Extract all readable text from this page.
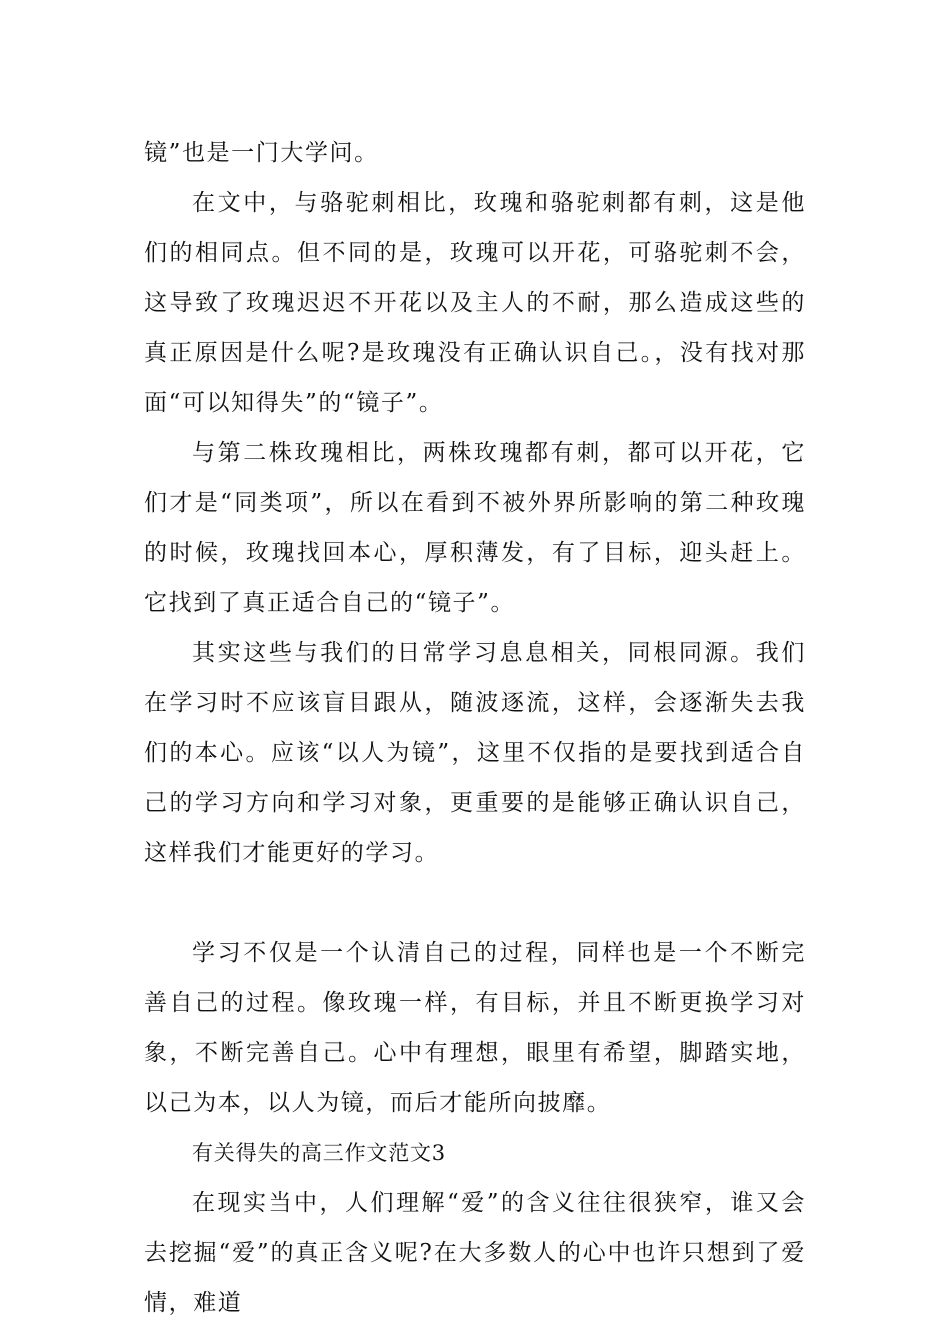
镜”也是一门大学问。

在文中，与骆驼刺相比，玫瑰和骆驼刺都有刺，这是他们的相同点。但不同的是，玫瑰可以开花，可骆驼刺不会，这导致了玫瑰迟迟不开花以及主人的不耐，那么造成这些的真正原因是什么呢?是玫瑰没有正确认识自己。，没有找对那面“可以知得失”的“镜子”。

与第二株玫瑰相比，两株玫瑰都有刺，都可以开花，它们才是“同类项”，所以在看到不被外界所影响的第二种玫瑰的时候，玫瑰找回本心，厚积薄发，有了目标，迎头赶上。它找到了真正适合自己的“镜子”。

其实这些与我们的日常学习息息相关，同根同源。我们在学习时不应该盲目跟从，随波逐流，这样，会逐渐失去我们的本心。应该“以人为镜”，这里不仅指的是要找到适合自己的学习方向和学习对象，更重要的是能够正确认识自己，这样我们才能更好的学习。

学习不仅是一个认清自己的过程，同样也是一个不断完善自己的过程。像玫瑰一样，有目标，并且不断更换学习对象，不断完善自己。心中有理想，眼里有希望，脚踏实地，以己为本，以人为镜，而后才能所向披靡。

有关得失的高三作文范文3

在现实当中，人们理解“爱”的含义往往很狭窄，谁又会去挖掘“爱”的真正含义呢?在大多数人的心中也许只想到了爱情，难道
